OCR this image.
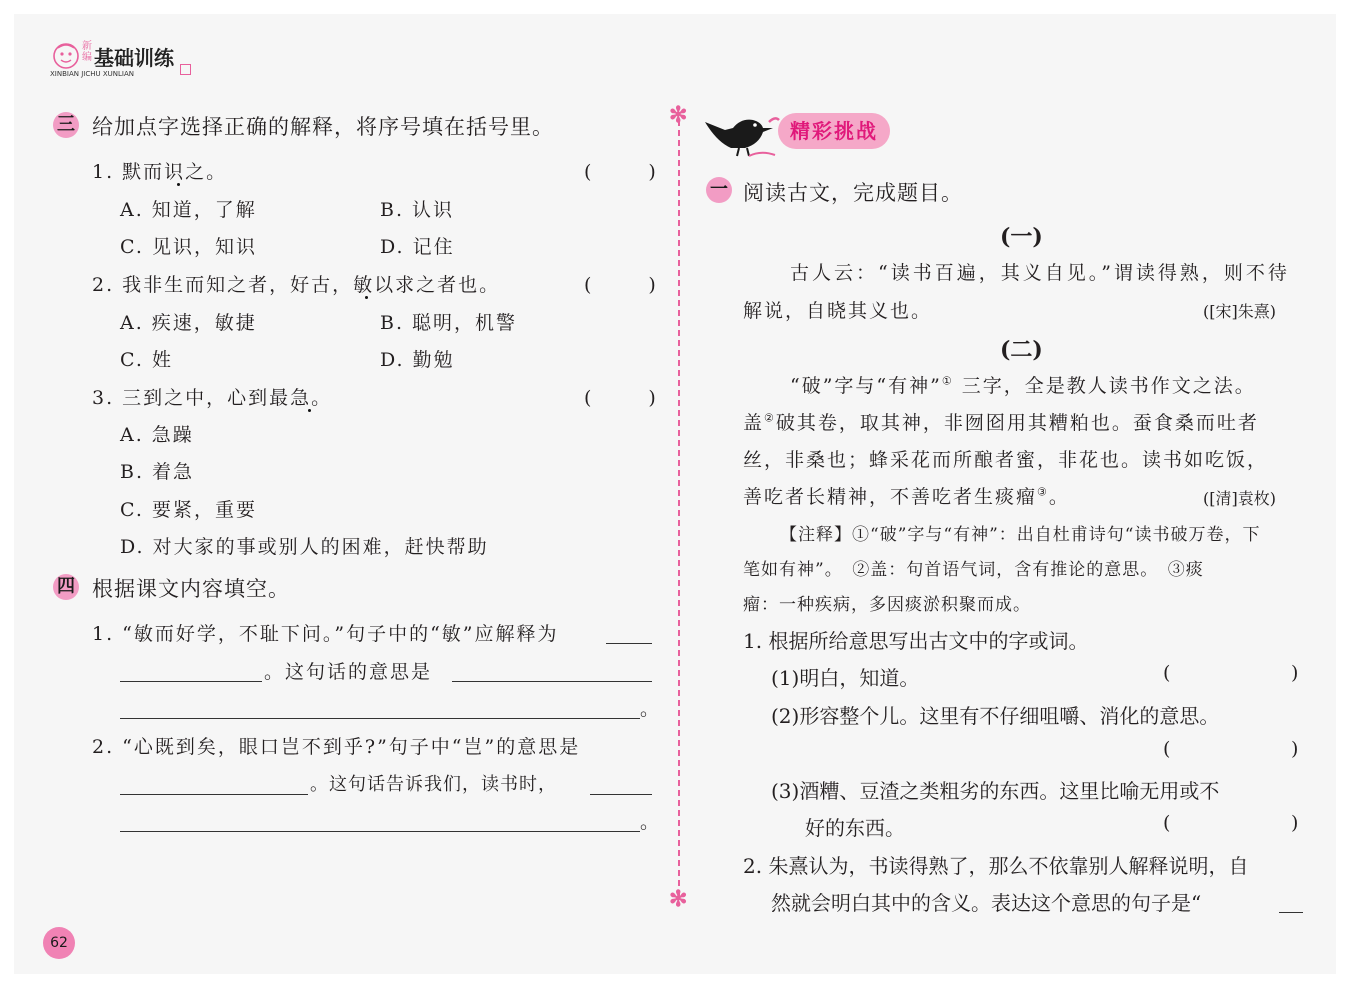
新编 基础训练
XINBIAN JICHU XUNLIAN
三 给加点字选择正确的解释，将序号填在括号里。
1. 默而识之。	(　　　)
A. 知道，了解	B. 认识
C. 见识，知识	D. 记住
2. 我非生而知之者，好古，敏以求之者也。	(　　　)
A. 疾速，敏捷	B. 聪明，机警
C. 姓	D. 勤勉
3. 三到之中，心到最急。	(　　　)
A. 急躁
B. 着急
C. 要紧，重要
D. 对大家的事或别人的困难，赶快帮助
四 根据课文内容填空。
1. “敏而好学，不耻下问。”句子中的“敏”应解释为
。这句话的意思是
。
2. “心既到矣，眼口岂不到乎?”句子中“岂”的意思是
。这句话告诉我们，读书时，
。
62
✻
✻
精彩挑战
一 阅读古文，完成题目。
(一)
古人云：“读书百遍，其义自见。”谓读得熟，则不待
解说，自晓其义也。	([宋]朱熹)
(二)
“破”字与“有神”① 三字，全是教人读书作文之法。
盖②破其卷，取其神，非囫囵用其糟粕也。蚕食桑而吐者
丝，非桑也；蜂采花而所酿者蜜，非花也。读书如吃饭，
善吃者长精神，不善吃者生痰瘤③。	([清]袁枚)
【注释】①“破”字与“有神”：出自杜甫诗句“读书破万卷，下
笔如有神”。　②盖：句首语气词，含有推论的意思。　③痰
瘤：一种疾病，多因痰淤积聚而成。
1. 根据所给意思写出古文中的字或词。
(1)明白，知道。	(	)
(2)形容整个儿。这里有不仔细咀嚼、消化的意思。
(	)
(3)酒糟、豆渣之类粗劣的东西。这里比喻无用或不
好的东西。	(	)
2. 朱熹认为，书读得熟了，那么不依靠别人解释说明，自
然就会明白其中的含义。表达这个意思的句子是“
